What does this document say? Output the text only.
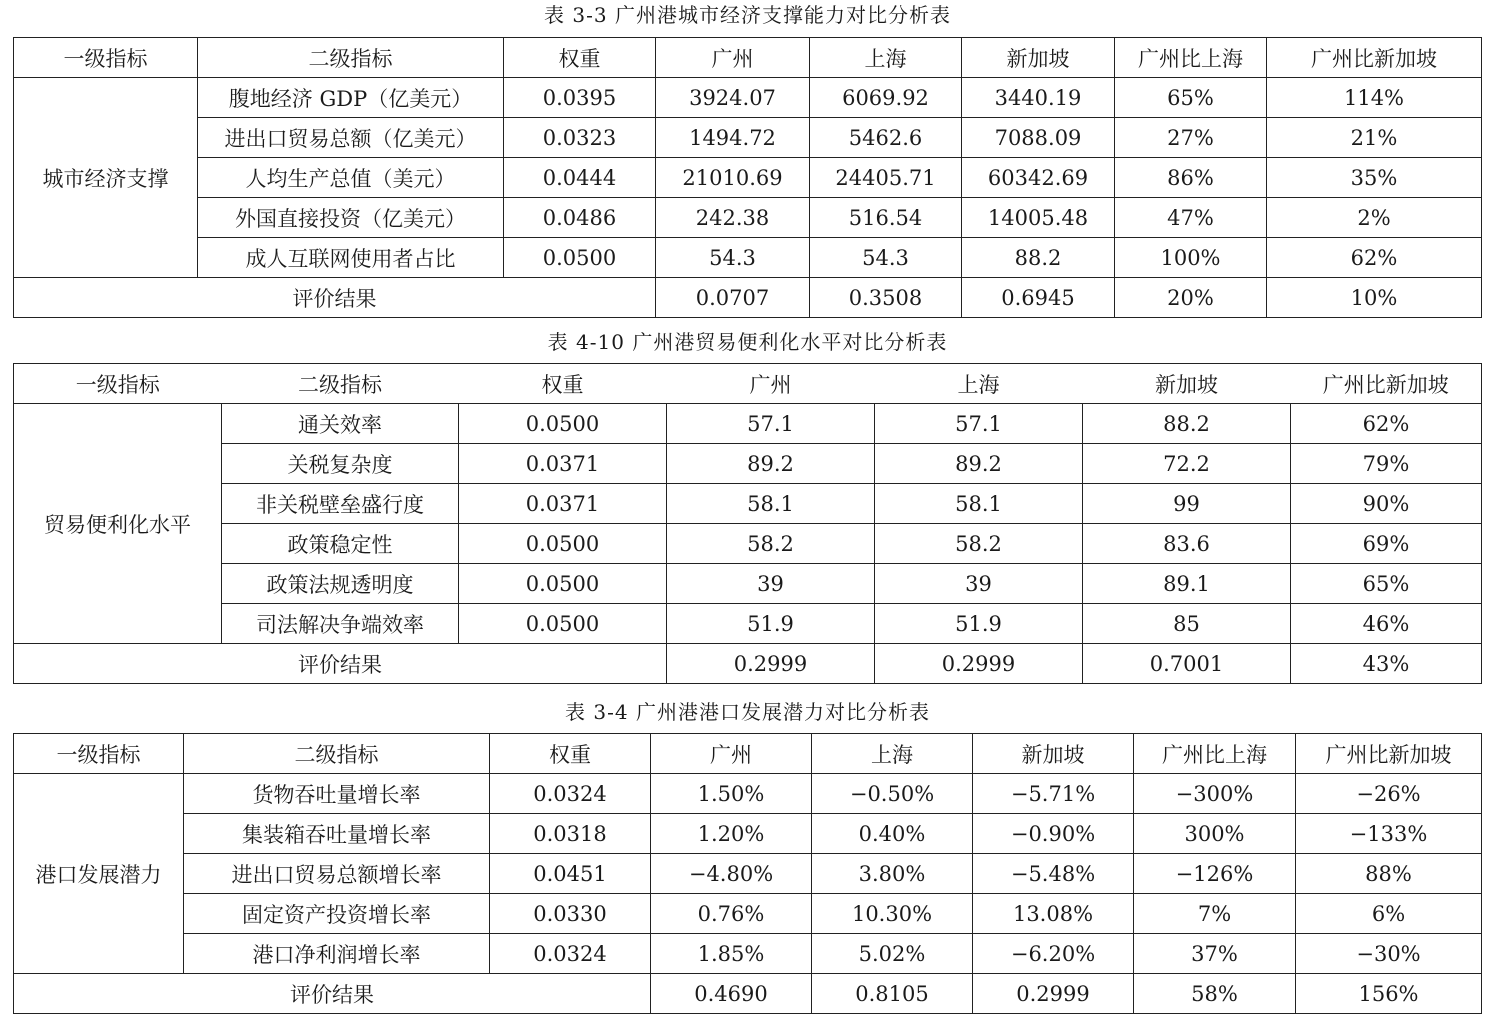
表 3-3 广州港城市经济支撑能力对比分析表
一级指标	二级指标	权重	广州	上海	新加坡	广州比上海	广州比新加坡
城市经济支撑	腹地经济 GDP（亿美元）	0.0395	3924.07	6069.92	3440.19	65%	114%
	进出口贸易总额（亿美元）	0.0323	1494.72	5462.6	7088.09	27%	21%
	人均生产总值（美元）	0.0444	21010.69	24405.71	60342.69	86%	35%
	外国直接投资（亿美元）	0.0486	242.38	516.54	14005.48	47%	2%
	成人互联网使用者占比	0.0500	54.3	54.3	88.2	100%	62%
评价结果			0.0707	0.3508	0.6945	20%	10%
表 4-10 广州港贸易便利化水平对比分析表
一级指标	二级指标	权重	广州	上海	新加坡	广州比新加坡
贸易便利化水平	通关效率	0.0500	57.1	57.1	88.2	62%
	关税复杂度	0.0371	89.2	89.2	72.2	79%
	非关税壁垒盛行度	0.0371	58.1	58.1	99	90%
	政策稳定性	0.0500	58.2	58.2	83.6	69%
	政策法规透明度	0.0500	39	39	89.1	65%
	司法解决争端效率	0.0500	51.9	51.9	85	46%
评价结果			0.2999	0.2999	0.7001	43%
表 3-4 广州港港口发展潜力对比分析表
一级指标	二级指标	权重	广州	上海	新加坡	广州比上海	广州比新加坡
港口发展潜力	货物吞吐量增长率	0.0324	1.50%	−0.50%	−5.71%	−300%	−26%
	集装箱吞吐量增长率	0.0318	1.20%	0.40%	−0.90%	300%	−133%
	进出口贸易总额增长率	0.0451	−4.80%	3.80%	−5.48%	−126%	88%
	固定资产投资增长率	0.0330	0.76%	10.30%	13.08%	7%	6%
	港口净利润增长率	0.0324	1.85%	5.02%	−6.20%	37%	−30%
评价结果			0.4690	0.8105	0.2999	58%	156%
